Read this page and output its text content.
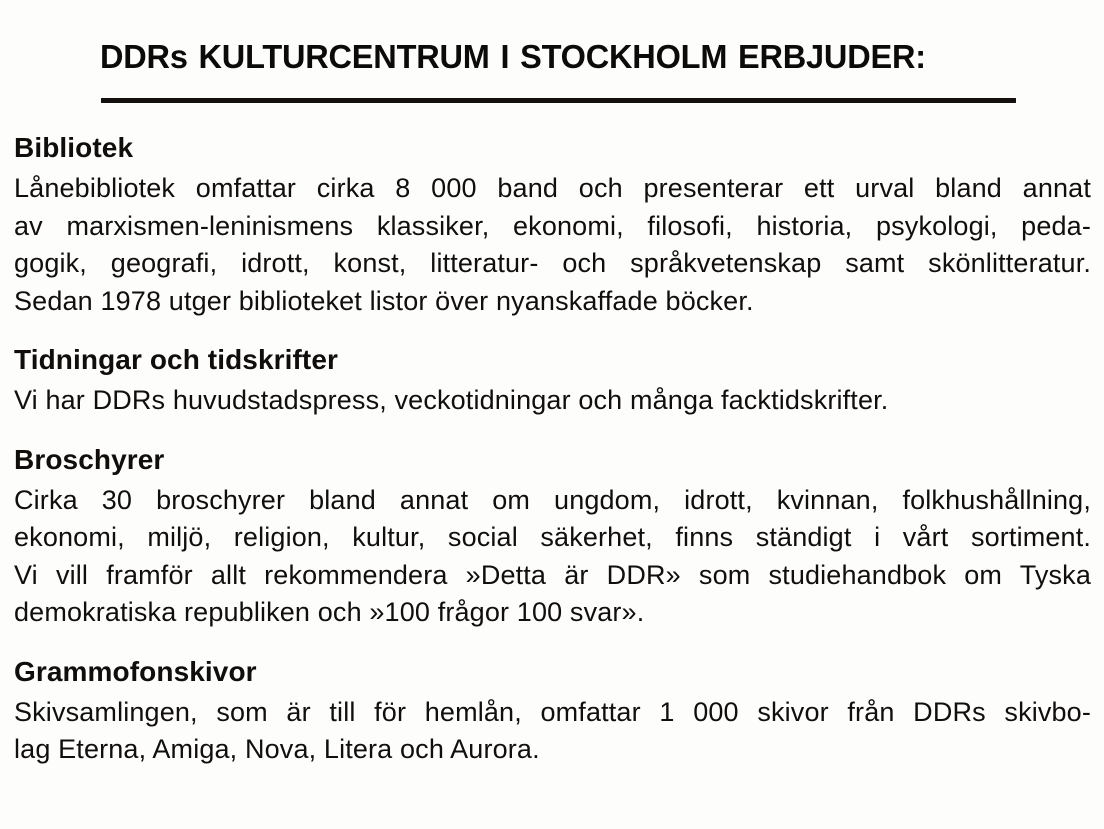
DDRs KULTURCENTRUM I STOCKHOLM ERBJUDER:
Bibliotek

Lånebibliotek omfattar cirka 8 000 band och presenterar ett urval bland annat
av marxismen-leninismens klassiker, ekonomi, filosofi, historia, psykologi, peda-
gogik, geografi, idrott, konst, litteratur- och språkvetenskap samt skönlitteratur.
Sedan 1978 utger biblioteket listor över nyanskaffade böcker.

Tidningar och tidskrifter

Vi har DDRs huvudstadspress, veckotidningar och många facktidskrifter.

Broschyrer

Cirka 30 broschyrer bland annat om ungdom, idrott, kvinnan, folkhushållning,
ekonomi, miljö, religion, kultur, social säkerhet, finns ständigt i vårt sortiment.
Vi vill framför allt rekommendera »Detta är DDR» som studiehandbok om Tyska
demokratiska republiken och »100 frågor 100 svar».

Grammofonskivor

Skivsamlingen, som är till för hemlån, omfattar 1 000 skivor från DDRs skivbo-
lag Eterna, Amiga, Nova, Litera och Aurora.
